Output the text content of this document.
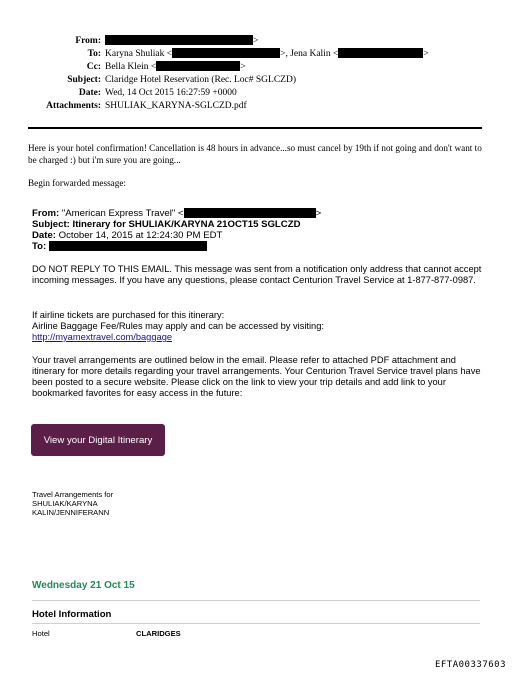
From:	>
To: Karyna Shuliak <	>, Jena Kalin <	>
Cc: Bella Klein <	>
Subject: Claridge Hotel Reservation (Rec. Loc# SGLCZD)
Date: Wed, 14 Oct 2015 16:27:59 +0000
Attachments: SHULIAK_KARYNA-SGLCZD.pdf
Here is your hotel confirmation! Cancellation is 48 hours in advance...so must cancel by 19th if not going and don't want to be charged :) but i'm sure you are going...
Begin forwarded message:
From: "American Express Travel" <	>
Subject: Itinerary for SHULIAK/KARYNA 21OCT15 SGLCZD
Date: October 14, 2015 at 12:24:30 PM EDT
To:
DO NOT REPLY TO THIS EMAIL. This message was sent from a notification only address that cannot accept incoming messages. If you have any questions, please contact Centurion Travel Service at 1-877-877-0987.
If airline tickets are purchased for this itinerary:
Airline Baggage Fee/Rules may apply and can be accessed by visiting:
http://myamextravel.com/baggage
Your travel arrangements are outlined below in the email. Please refer to attached PDF attachment and itinerary for more details regarding your travel arrangements. Your Centurion Travel Service travel plans have been posted to a secure website. Please click on the link to view your trip details and add link to your bookmarked favorites for easy access in the future:
View your Digital Itinerary
Travel Arrangements for
SHULIAK/KARYNA
KALIN/JENNIFERANN
Wednesday 21 Oct 15
Hotel Information
Hotel	CLARIDGES
EFTA00337603
